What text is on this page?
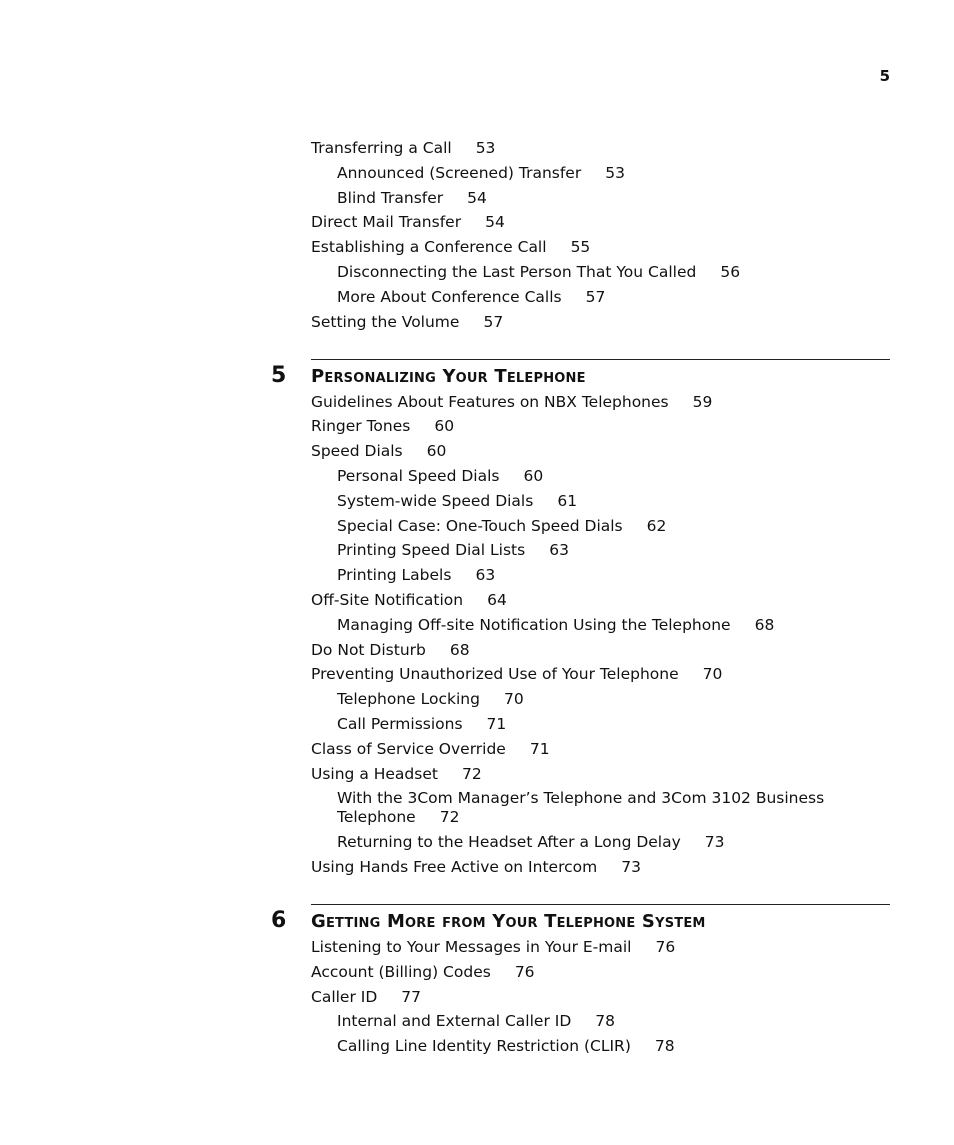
5
Transferring a Call 53
Announced (Screened) Transfer 53
Blind Transfer 54
Direct Mail Transfer 54
Establishing a Conference Call 55
Disconnecting the Last Person That You Called 56
More About Conference Calls 57
Setting the Volume 57
5 Personalizing Your Telephone
Guidelines About Features on NBX Telephones 59
Ringer Tones 60
Speed Dials 60
Personal Speed Dials 60
System-wide Speed Dials 61
Special Case: One-Touch Speed Dials 62
Printing Speed Dial Lists 63
Printing Labels 63
Off-Site Notification 64
Managing Off-site Notification Using the Telephone 68
Do Not Disturb 68
Preventing Unauthorized Use of Your Telephone 70
Telephone Locking 70
Call Permissions 71
Class of Service Override 71
Using a Headset 72
With the 3Com Manager’s Telephone and 3Com 3102 Business Telephone 72
Returning to the Headset After a Long Delay 73
Using Hands Free Active on Intercom 73
6 Getting More from Your Telephone System
Listening to Your Messages in Your E-mail 76
Account (Billing) Codes 76
Caller ID 77
Internal and External Caller ID 78
Calling Line Identity Restriction (CLIR) 78
